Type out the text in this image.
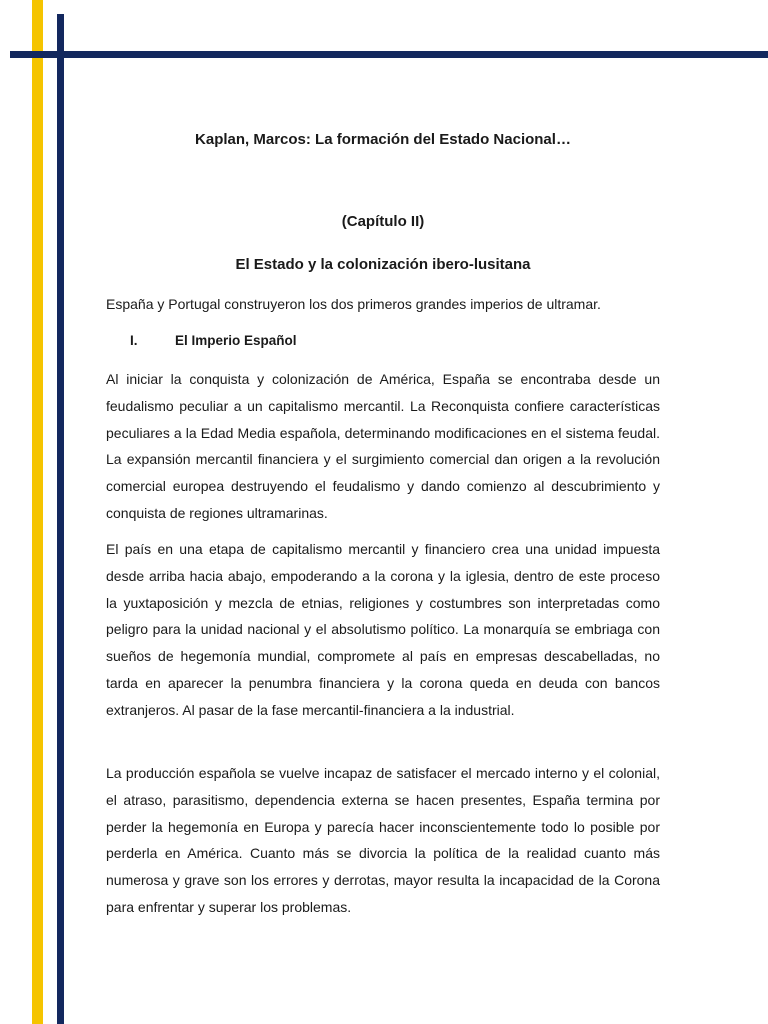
Kaplan, Marcos: La formación del Estado Nacional…
(Capítulo II)
El Estado y la colonización ibero-lusitana

España y Portugal construyeron los dos primeros grandes imperios de ultramar.

I.	El Imperio Español

Al iniciar la conquista y colonización de América, España se encontraba desde un feudalismo peculiar a un capitalismo mercantil. La Reconquista confiere características peculiares a la Edad Media española, determinando modificaciones en el sistema feudal. La expansión mercantil financiera y el surgimiento comercial dan origen a la revolución comercial europea destruyendo el feudalismo y dando comienzo al descubrimiento y conquista de regiones ultramarinas.

El país en una etapa de capitalismo mercantil y financiero crea una unidad impuesta desde arriba hacia abajo, empoderando a la corona y la iglesia, dentro de este proceso la yuxtaposición y mezcla de etnias, religiones y costumbres son interpretadas como peligro para la unidad nacional y el absolutismo político. La monarquía se embriaga con sueños de hegemonía mundial, compromete al país en empresas descabelladas, no tarda en aparecer la penumbra financiera y la corona queda en deuda con bancos extranjeros. Al pasar de la fase mercantil-financiera a la industrial.

La producción española se vuelve incapaz de satisfacer el mercado interno y el colonial, el atraso, parasitismo, dependencia externa se hacen presentes, España termina por perder la hegemonía en Europa y parecía hacer inconscientemente todo lo posible por perderla en América. Cuanto más se divorcia la política de la realidad cuanto más numerosa y grave son los errores y derrotas, mayor resulta la incapacidad de la Corona para enfrentar y superar los problemas.
